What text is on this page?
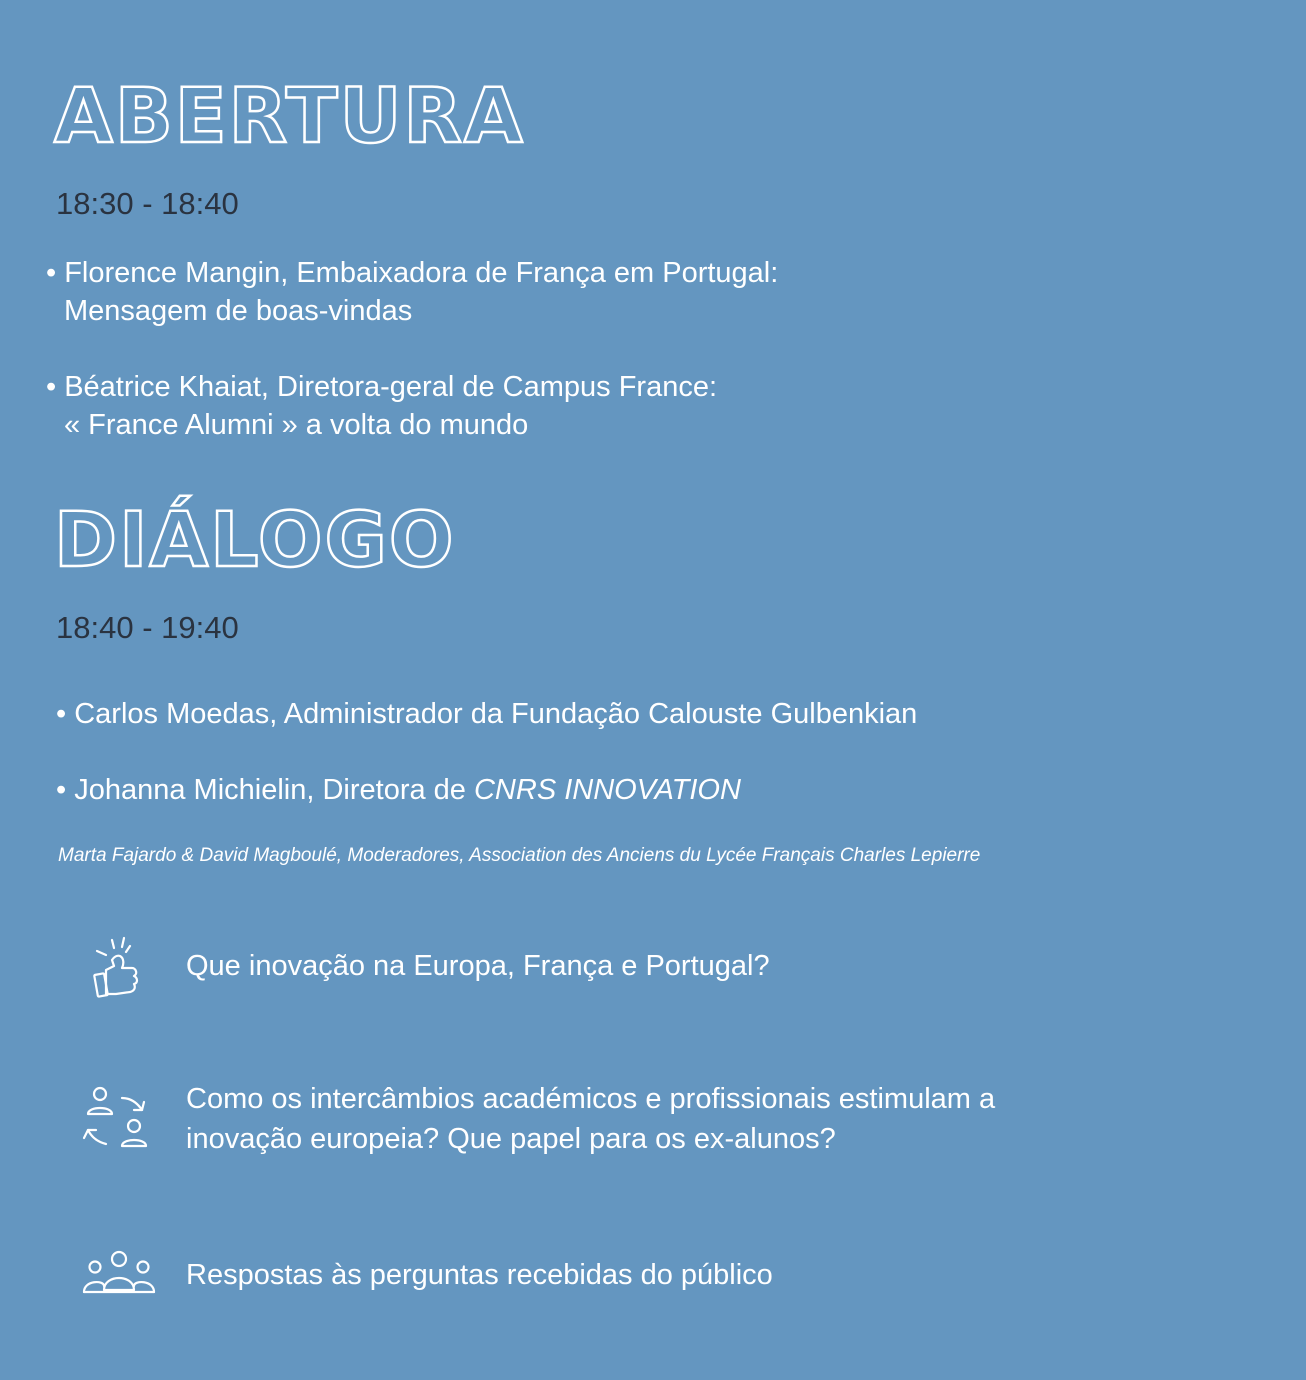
ABERTURA
18:30 - 18:40
• Florence Mangin, Embaixadora de França em Portugal:
Mensagem de boas-vindas
• Béatrice Khaiat, Diretora-geral de Campus France:
« France Alumni » a volta do mundo
DIÁLOGO
18:40 - 19:40
• Carlos Moedas, Administrador da Fundação Calouste Gulbenkian
• Johanna Michielin, Diretora de CNRS INNOVATION
Marta Fajardo & David Magboulé, Moderadores, Association des Anciens du Lycée Français Charles Lepierre
Que inovação na Europa, França e Portugal?
Como os intercâmbios académicos e profissionais estimulam a
inovação europeia? Que papel para os ex-alunos?
Respostas às perguntas recebidas do público
